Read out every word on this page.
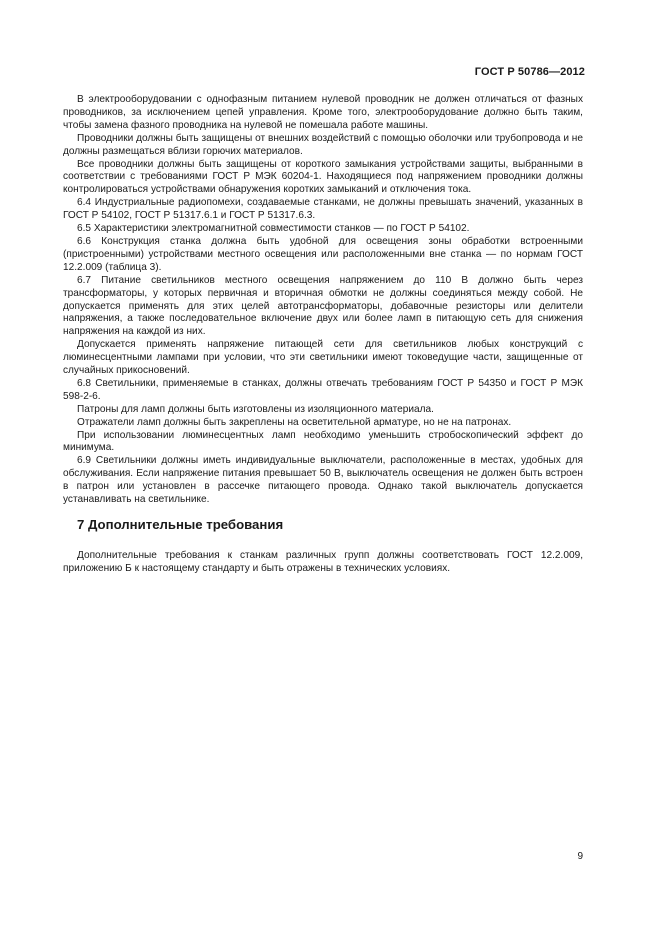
ГОСТ Р 50786—2012

В электрооборудовании с однофазным питанием нулевой проводник не должен отличаться от фазных проводников, за исключением цепей управления. Кроме того, электрооборудование должно быть таким, чтобы замена фазного проводника на нулевой не помешала работе машины.

Проводники должны быть защищены от внешних воздействий с помощью оболочки или трубопровода и не должны размещаться вблизи горючих материалов.

Все проводники должны быть защищены от короткого замыкания устройствами защиты, выбранными в соответствии с требованиями ГОСТ Р МЭК 60204-1. Находящиеся под напряжением проводники должны контролироваться устройствами обнаружения коротких замыканий и отключения тока.

6.4 Индустриальные радиопомехи, создаваемые станками, не должны превышать значений, указанных в ГОСТ Р 54102, ГОСТ Р 51317.6.1 и ГОСТ Р 51317.6.3.

6.5 Характеристики электромагнитной совместимости станков — по ГОСТ Р 54102.

6.6 Конструкция станка должна быть удобной для освещения зоны обработки встроенными (пристроенными) устройствами местного освещения или расположенными вне станка — по нормам ГОСТ 12.2.009 (таблица 3).

6.7 Питание светильников местного освещения напряжением до 110 В должно быть через трансформаторы, у которых первичная и вторичная обмотки не должны соединяться между собой. Не допускается применять для этих целей автотрансформаторы, добавочные резисторы или делители напряжения, а также последовательное включение двух или более ламп в питающую сеть для снижения напряжения на каждой из них.

Допускается применять напряжение питающей сети для светильников любых конструкций с люминесцентными лампами при условии, что эти светильники имеют токоведущие части, защищенные от случайных прикосновений.

6.8 Светильники, применяемые в станках, должны отвечать требованиям ГОСТ Р 54350 и ГОСТ Р МЭК 598-2-6.

Патроны для ламп должны быть изготовлены из изоляционного материала.

Отражатели ламп должны быть закреплены на осветительной арматуре, но не на патронах.

При использовании люминесцентных ламп необходимо уменьшить стробоскопический эффект до минимума.

6.9 Светильники должны иметь индивидуальные выключатели, расположенные в местах, удобных для обслуживания. Если напряжение питания превышает 50 В, выключатель освещения не должен быть встроен в патрон или установлен в рассечке питающего провода. Однако такой выключатель допускается устанавливать на светильнике.

7 Дополнительные требования

Дополнительные требования к станкам различных групп должны соответствовать ГОСТ 12.2.009, приложению Б к настоящему стандарту и быть отражены в технических условиях.

9
